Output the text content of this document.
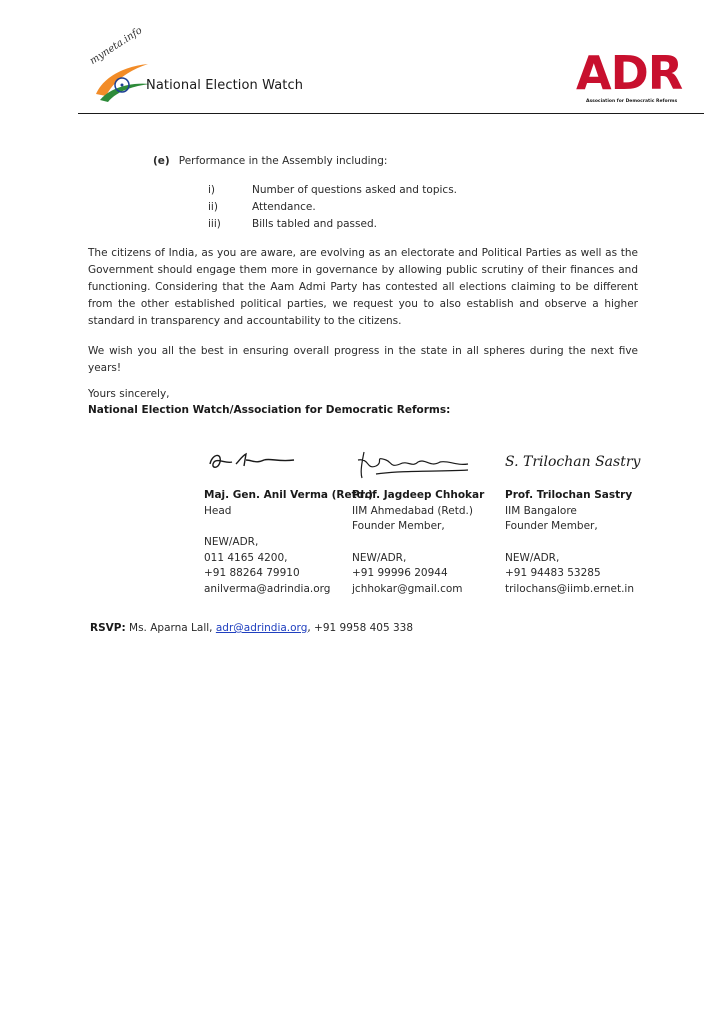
myneta.info
National Election Watch	ADR
Association for Democratic Reforms
(e) Performance in the Assembly including:
i)	Number of questions asked and topics.
ii)	Attendance.
iii)	Bills tabled and passed.
The citizens of India, as you are aware, are evolving as an electorate and Political Parties as well as the Government should engage them more in governance by allowing public scrutiny of their finances and functioning. Considering that the Aam Admi Party has contested all elections claiming to be different from the other established political parties, we request you to also establish and observe a higher standard in transparency and accountability to the citizens.
We wish you all the best in ensuring overall progress in the state in all spheres during the next five years!
Yours sincerely,
National Election Watch/Association for Democratic Reforms:
S. Trilochan Sastry
Maj. Gen. Anil Verma (Retd.)
Head
NEW/ADR,
011 4165 4200,
+91 88264 79910
anilverma@adrindia.org
Prof. Jagdeep Chhokar
IIM Ahmedabad (Retd.)
Founder Member,
NEW/ADR,
+91 99996 20944
jchhokar@gmail.com
Prof. Trilochan Sastry
IIM Bangalore
Founder Member,
NEW/ADR,
+91 94483 53285
trilochans@iimb.ernet.in
RSVP: Ms. Aparna Lall, adr@adrindia.org, +91 9958 405 338
